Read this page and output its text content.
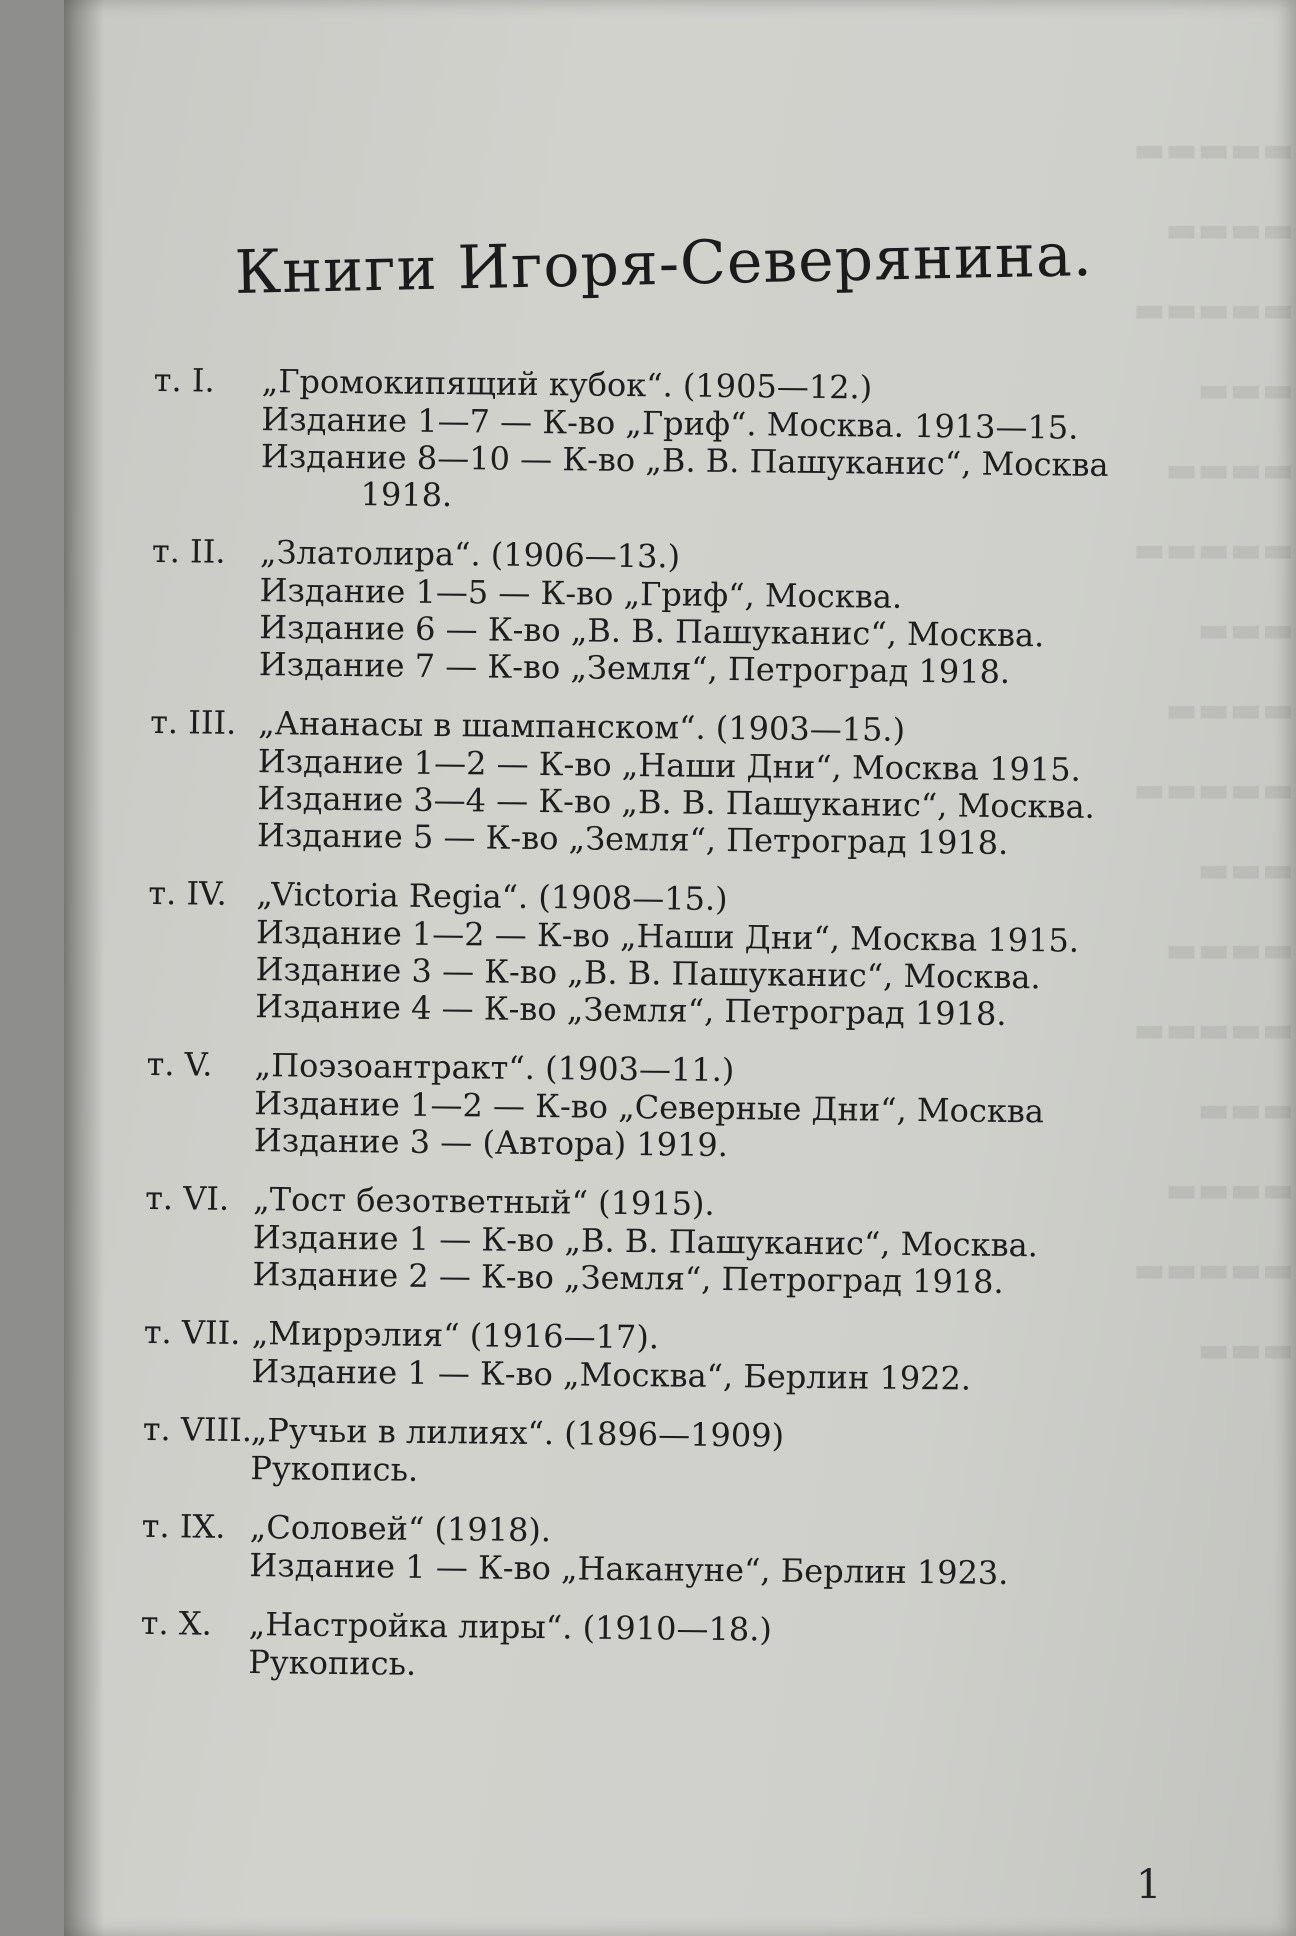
▬▬▬▬▬
▬▬▬▬
▬▬▬▬▬
▬▬▬
▬▬▬▬
▬▬▬▬▬
▬▬▬
▬▬▬▬
▬▬▬▬▬
▬▬▬
▬▬▬▬
▬▬▬▬▬
▬▬▬
▬▬▬▬
▬▬▬▬▬
▬▬▬
Книги Игоря-Северянина.
т. I.	„Громокипящий кубок“. (1905—12.)
Издание 1—7 — К-во „Гриф“. Москва. 1913—15.
Издание 8—10 — К-во „В. В. Пашуканис“, Москва
1918.
т. II.	„Златолира“. (1906—13.)
Издание 1—5 — К-во „Гриф“, Москва.
Издание 6 — К-во „В. В. Пашуканис“, Москва.
Издание 7 — К-во „Земля“, Петроград 1918.
т. III. „Ананасы в шампанском“. (1903—15.)
Издание 1—2 — К-во „Наши Дни“, Москва 1915.
Издание 3—4 — К-во „В. В. Пашуканис“, Москва.
Издание 5 — К-во „Земля“, Петроград 1918.
т. IV. „Victoria Regia“. (1908—15.)
Издание 1—2 — К-во „Наши Дни“, Москва 1915.
Издание 3 — К-во „В. В. Пашуканис“, Москва.
Издание 4 — К-во „Земля“, Петроград 1918.
т. V.	„Поэзоантракт“. (1903—11.)
Издание 1—2 — К-во „Северные Дни“, Москва
Издание 3 — (Автора) 1919.
т. VI. „Тост безответный“ (1915).
Издание 1 — К-во „В. В. Пашуканис“, Москва.
Издание 2 — К-во „Земля“, Петроград 1918.
т. VII. „Миррэлия“ (1916—17).
Издание 1 — К-во „Москва“, Берлин 1922.
т. VIII.
„Ручьи в лилиях“. (1896—1909)
Рукопись.
т. IX. „Соловей“ (1918).
Издание 1 — К-во „Накануне“, Берлин 1923.
т. X.	„Настройка лиры“. (1910—18.)
Рукопись.
1
